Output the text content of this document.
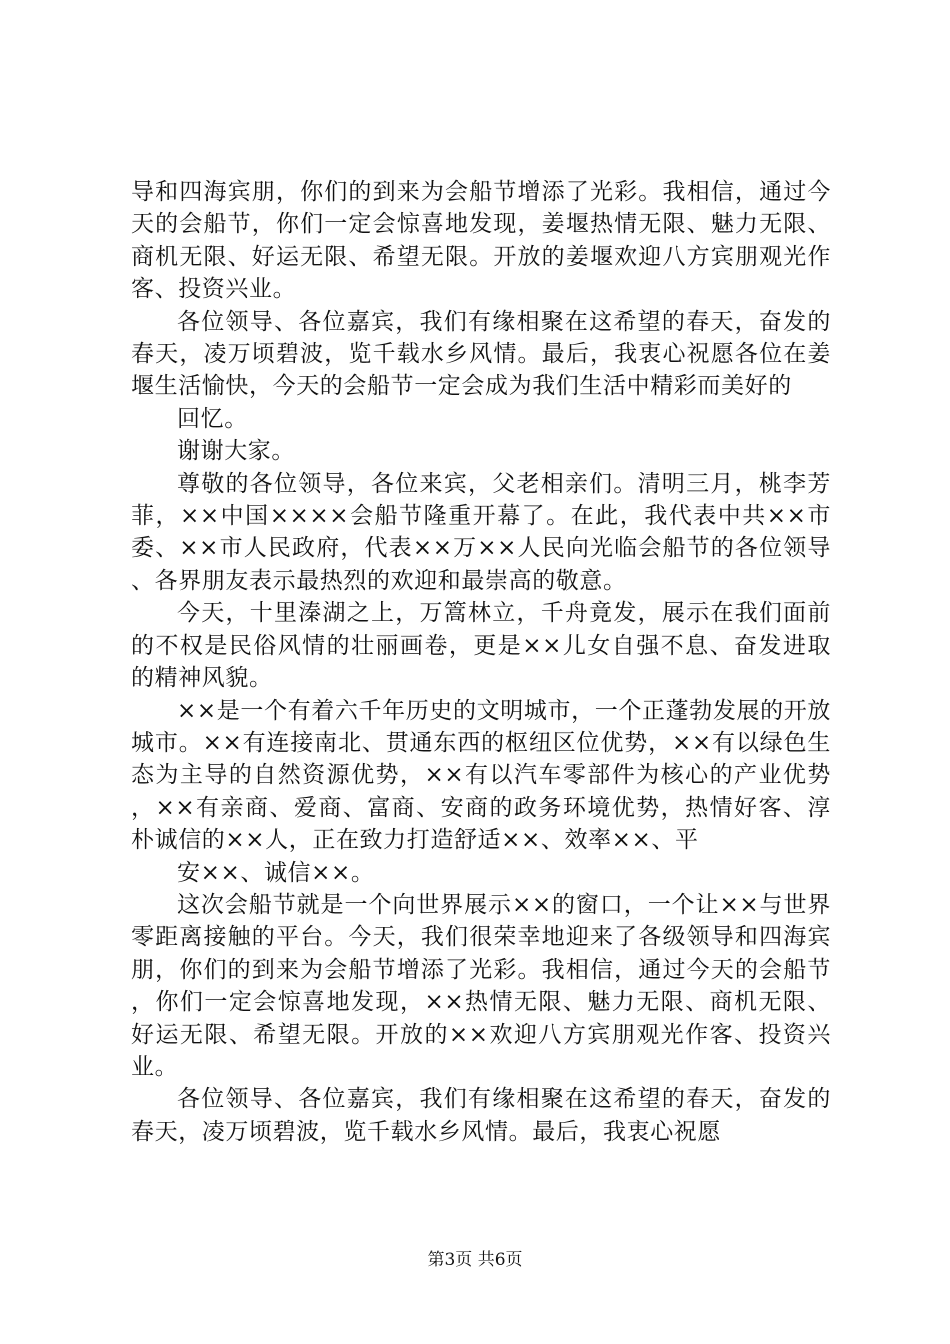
导和四海宾朋，你们的到来为会船节增添了光彩。我相信，通过今天的会船节，你们一定会惊喜地发现，姜堰热情无限、魅力无限、商机无限、好运无限、希望无限。开放的姜堰欢迎八方宾朋观光作客、投资兴业。

各位领导、各位嘉宾，我们有缘相聚在这希望的春天，奋发的春天，凌万顷碧波，览千载水乡风情。最后，我衷心祝愿各位在姜堰生活愉快，今天的会船节一定会成为我们生活中精彩而美好的

回忆。

谢谢大家。

尊敬的各位领导，各位来宾，父老相亲们。清明三月，桃李芳菲，××中国××××会船节隆重开幕了。在此，我代表中共××市委、××市人民政府，代表××万××人民向光临会船节的各位领导、各界朋友表示最热烈的欢迎和最崇高的敬意。

今天，十里溱湖之上，万篙林立，千舟竟发，展示在我们面前的不权是民俗风情的壮丽画卷，更是××儿女自强不息、奋发进取的精神风貌。

××是一个有着六千年历史的文明城市，一个正蓬勃发展的开放城市。××有连接南北、贯通东西的枢纽区位优势，××有以绿色生态为主导的自然资源优势，××有以汽车零部件为核心的产业优势，××有亲商、爱商、富商、安商的政务环境优势，热情好客、淳朴诚信的××人，正在致力打造舒适××、效率××、平

安××、诚信××。

这次会船节就是一个向世界展示××的窗口，一个让××与世界零距离接触的平台。今天，我们很荣幸地迎来了各级领导和四海宾朋，你们的到来为会船节增添了光彩。我相信，通过今天的会船节，你们一定会惊喜地发现，××热情无限、魅力无限、商机无限、好运无限、希望无限。开放的××欢迎八方宾朋观光作客、投资兴业。

各位领导、各位嘉宾，我们有缘相聚在这希望的春天，奋发的春天，凌万顷碧波，览千载水乡风情。最后，我衷心祝愿

第3页 共6页
